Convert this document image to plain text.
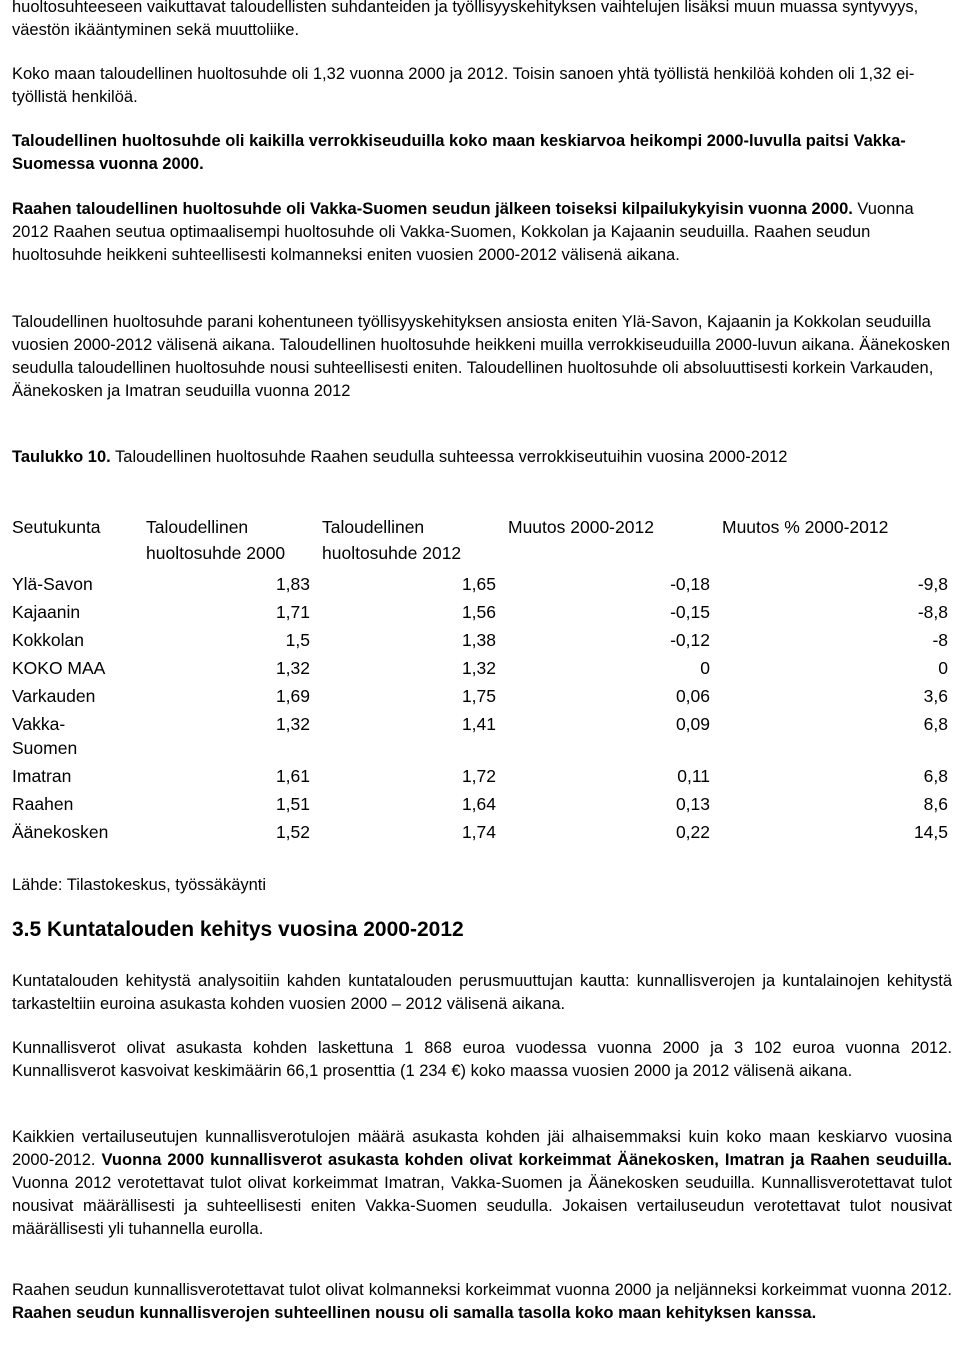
huoltosuhteeseen vaikuttavat taloudellisten suhdanteiden ja työllisyyskehityksen vaihtelujen lisäksi muun muassa syntyvyys, väestön ikääntyminen sekä muuttoliike.

Koko maan taloudellinen huoltosuhde oli 1,32 vuonna 2000 ja 2012. Toisin sanoen yhtä työllistä henkilöä kohden oli 1,32 ei-työllistä henkilöä.

Taloudellinen huoltosuhde oli kaikilla verrokkiseuduilla koko maan keskiarvoa heikompi 2000-luvulla paitsi Vakka-Suomessa vuonna 2000.

Raahen taloudellinen huoltosuhde oli Vakka-Suomen seudun jälkeen toiseksi kilpailukykyisin vuonna 2000. Vuonna 2012 Raahen seutua optimaalisempi huoltosuhde oli Vakka-Suomen, Kokkolan ja Kajaanin seuduilla. Raahen seudun huoltosuhde heikkeni suhteellisesti kolmanneksi eniten vuosien 2000-2012 välisenä aikana.

Taloudellinen huoltosuhde parani kohentuneen työllisyyskehityksen ansiosta eniten Ylä-Savon, Kajaanin ja Kokkolan seuduilla vuosien 2000-2012 välisenä aikana. Taloudellinen huoltosuhde heikkeni muilla verrokkiseuduilla 2000-luvun aikana. Äänekosken seudulla taloudellinen huoltosuhde nousi suhteellisesti eniten. Taloudellinen huoltosuhde oli absoluuttisesti korkein Varkauden, Äänekosken ja Imatran seuduilla vuonna 2012

Taulukko 10. Taloudellinen huoltosuhde Raahen seudulla suhteessa verrokkiseutuihin vuosina 2000-2012
Seutukunta	Taloudellinen huoltosuhde 2000	Taloudellinen huoltosuhde 2012	Muutos 2000-2012	Muutos % 2000-2012

Ylä-Savon	1,83	1,65	-0,18	-9,8
Kajaanin	1,71	1,56	-0,15	-8,8
Kokkolan	1,5	1,38	-0,12	-8
KOKO MAA	1,32	1,32	0	0
Varkauden	1,69	1,75	0,06	3,6

Vakka-Suomen	1,32	1,41	0,09	6,8
Imatran	1,61	1,72	0,11	6,8
Raahen	1,51	1,64	0,13	8,6
Äänekosken	1,52	1,74	0,22	14,5
Lähde: Tilastokeskus, työssäkäynti
3.5 Kuntatalouden kehitys vuosina 2000-2012

Kuntatalouden kehitystä analysoitiin kahden kuntatalouden perusmuuttujan kautta: kunnallisverojen ja kuntalainojen kehitystä tarkasteltiin euroina asukasta kohden vuosien 2000 – 2012 välisenä aikana.

Kunnallisverot olivat asukasta kohden laskettuna 1 868 euroa vuodessa vuonna 2000 ja 3 102 euroa vuonna 2012. Kunnallisverot kasvoivat keskimäärin 66,1 prosenttia (1 234 €) koko maassa vuosien 2000 ja 2012 välisenä aikana.

Kaikkien vertailuseutujen kunnallisverotulojen määrä asukasta kohden jäi alhaisemmaksi kuin koko maan keskiarvo vuosina 2000-2012. Vuonna 2000 kunnallisverot asukasta kohden olivat korkeimmat Äänekosken, Imatran ja Raahen seuduilla. Vuonna 2012 verotettavat tulot olivat korkeimmat Imatran, Vakka-Suomen ja Äänekosken seuduilla. Kunnallisverotettavat tulot nousivat määrällisesti ja suhteellisesti eniten Vakka-Suomen seudulla. Jokaisen vertailuseudun verotettavat tulot nousivat määrällisesti yli tuhannella eurolla.

Raahen seudun kunnallisverotettavat tulot olivat kolmanneksi korkeimmat vuonna 2000 ja neljänneksi korkeimmat vuonna 2012. Raahen seudun kunnallisverojen suhteellinen nousu oli samalla tasolla koko maan kehityksen kanssa.
